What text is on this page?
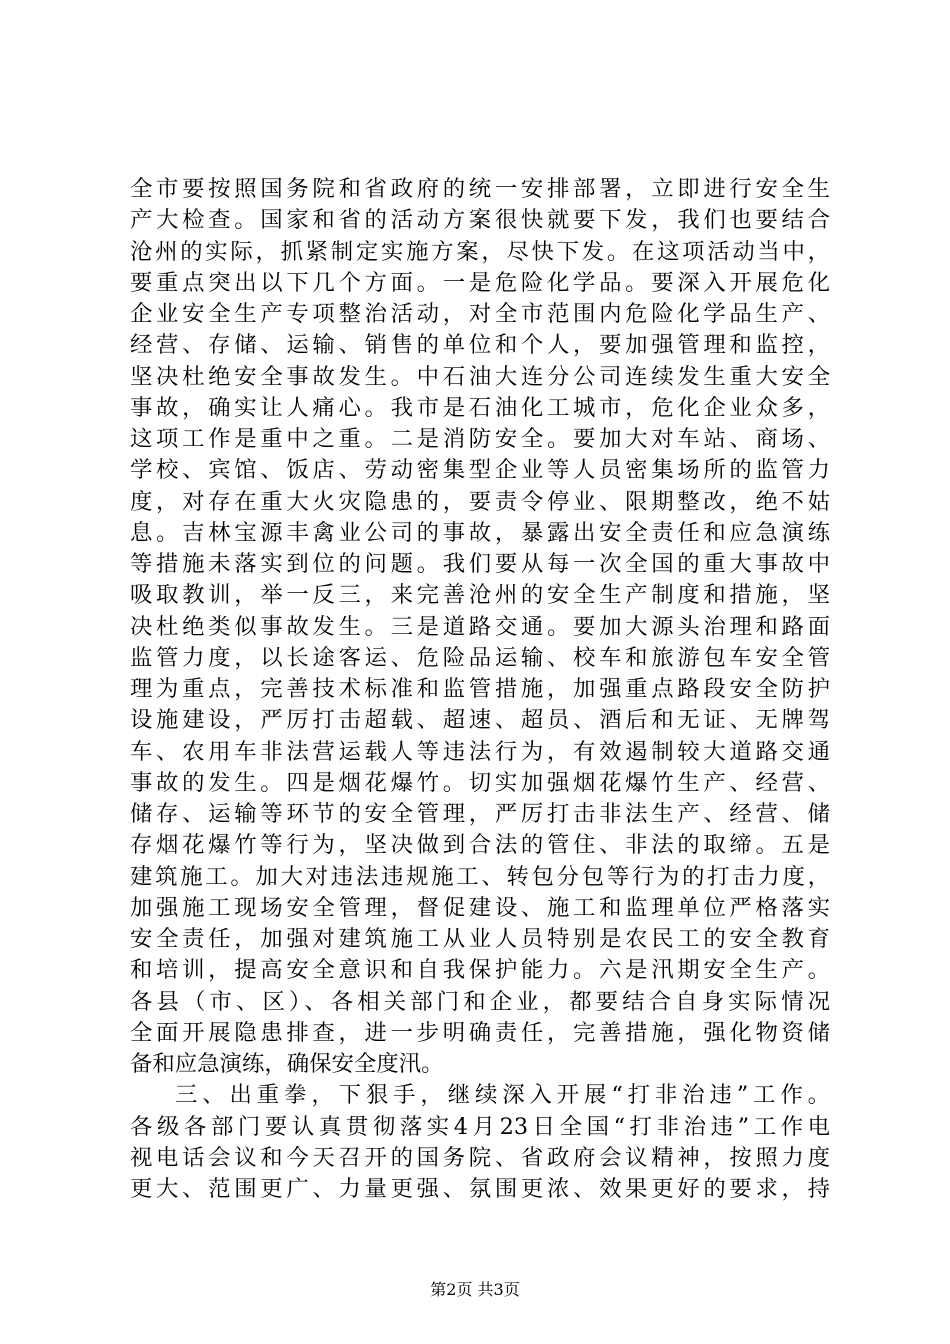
全市要按照国务院和省政府的统一安排部署，立即进行安全生
产大检查。国家和省的活动方案很快就要下发，我们也要结合
沧州的实际，抓紧制定实施方案，尽快下发。在这项活动当中，
要重点突出以下几个方面。一是危险化学品。要深入开展危化
企业安全生产专项整治活动，对全市范围内危险化学品生产、
经营、存储、运输、销售的单位和个人，要加强管理和监控，
坚决杜绝安全事故发生。中石油大连分公司连续发生重大安全
事故，确实让人痛心。我市是石油化工城市，危化企业众多，
这项工作是重中之重。二是消防安全。要加大对车站、商场、
学校、宾馆、饭店、劳动密集型企业等人员密集场所的监管力
度，对存在重大火灾隐患的，要责令停业、限期整改，绝不姑
息。吉林宝源丰禽业公司的事故，暴露出安全责任和应急演练
等措施未落实到位的问题。我们要从每一次全国的重大事故中
吸取教训，举一反三，来完善沧州的安全生产制度和措施，坚
决杜绝类似事故发生。三是道路交通。要加大源头治理和路面
监管力度，以长途客运、危险品运输、校车和旅游包车安全管
理为重点，完善技术标准和监管措施，加强重点路段安全防护
设施建设，严厉打击超载、超速、超员、酒后和无证、无牌驾
车、农用车非法营运载人等违法行为，有效遏制较大道路交通
事故的发生。四是烟花爆竹。切实加强烟花爆竹生产、经营、
储存、运输等环节的安全管理，严厉打击非法生产、经营、储
存烟花爆竹等行为，坚决做到合法的管住、非法的取缔。五是
建筑施工。加大对违法违规施工、转包分包等行为的打击力度，
加强施工现场安全管理，督促建设、施工和监理单位严格落实
安全责任，加强对建筑施工从业人员特别是农民工的安全教育
和培训，提高安全意识和自我保护能力。六是汛期安全生产。
各县（市、区）、各相关部门和企业，都要结合自身实际情况
全面开展隐患排查，进一步明确责任，完善措施，强化物资储
备和应急演练，确保安全度汛。
三、出重拳，下狠手，继续深入开展“打非治违”工作。
各级各部门要认真贯彻落实4月23日全国“打非治违”工作电
视电话会议和今天召开的国务院、省政府会议精神，按照力度
更大、范围更广、力量更强、氛围更浓、效果更好的要求，持
第2页 共3页
